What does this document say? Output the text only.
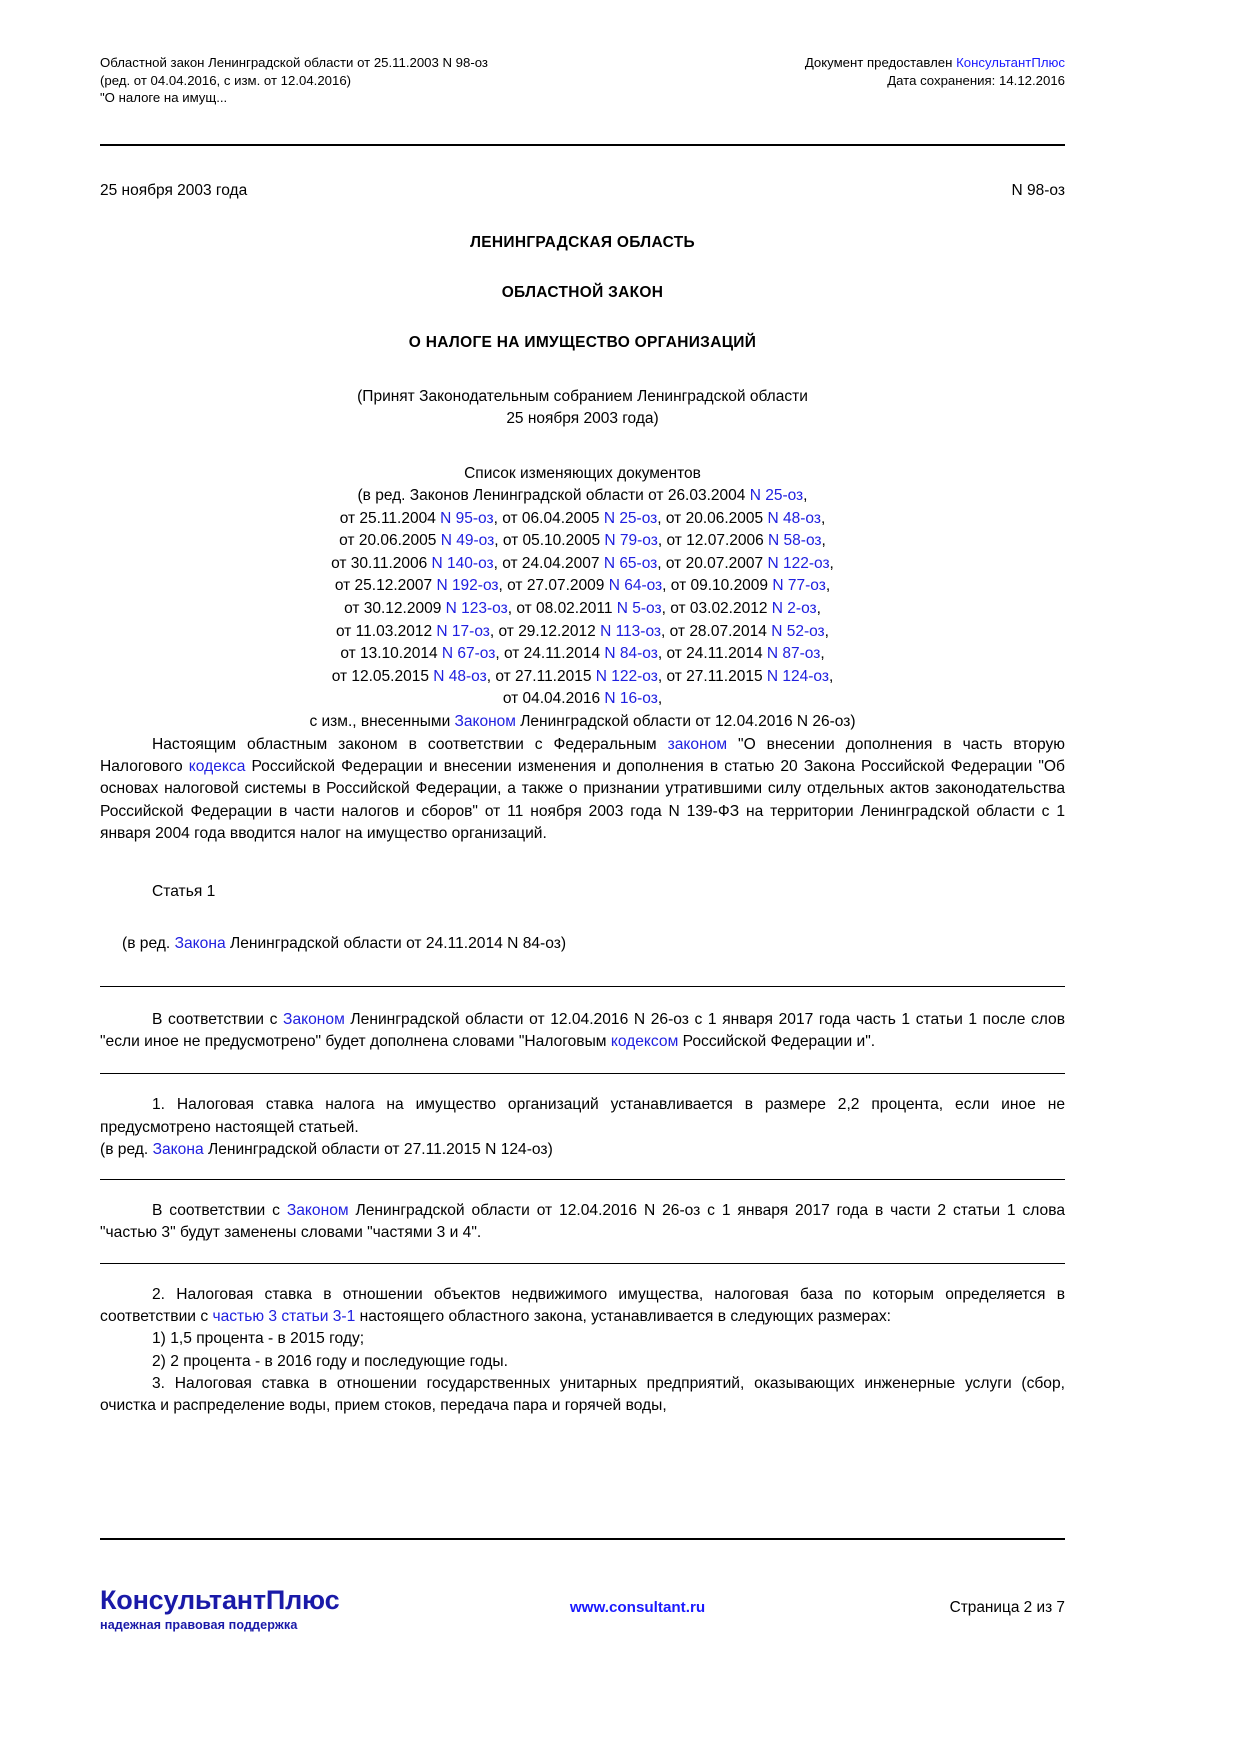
Областной закон Ленинградской области от 25.11.2003 N 98-оз
(ред. от 04.04.2016, с изм. от 12.04.2016)
"О налоге на имущ...
Документ предоставлен КонсультантПлюс
Дата сохранения: 14.12.2016
25 ноября 2003 года	N 98-оз
ЛЕНИНГРАДСКАЯ ОБЛАСТЬ
ОБЛАСТНОЙ ЗАКОН
О НАЛОГЕ НА ИМУЩЕСТВО ОРГАНИЗАЦИЙ
(Принят Законодательным собранием Ленинградской области
25 ноября 2003 года)
Список изменяющих документов
(в ред. Законов Ленинградской области от 26.03.2004 N 25-оз,
от 25.11.2004 N 95-оз, от 06.04.2005 N 25-оз, от 20.06.2005 N 48-оз,
от 20.06.2005 N 49-оз, от 05.10.2005 N 79-оз, от 12.07.2006 N 58-оз,
от 30.11.2006 N 140-оз, от 24.04.2007 N 65-оз, от 20.07.2007 N 122-оз,
от 25.12.2007 N 192-оз, от 27.07.2009 N 64-оз, от 09.10.2009 N 77-оз,
от 30.12.2009 N 123-оз, от 08.02.2011 N 5-оз, от 03.02.2012 N 2-оз,
от 11.03.2012 N 17-оз, от 29.12.2012 N 113-оз, от 28.07.2014 N 52-оз,
от 13.10.2014 N 67-оз, от 24.11.2014 N 84-оз, от 24.11.2014 N 87-оз,
от 12.05.2015 N 48-оз, от 27.11.2015 N 122-оз, от 27.11.2015 N 124-оз,
от 04.04.2016 N 16-оз,
с изм., внесенными Законом Ленинградской области от 12.04.2016 N 26-оз)

Настоящим областным законом в соответствии с Федеральным законом "О внесении дополнения в часть вторую Налогового кодекса Российской Федерации и внесении изменения и дополнения в статью 20 Закона Российской Федерации "Об основах налоговой системы в Российской Федерации, а также о признании утратившими силу отдельных актов законодательства Российской Федерации в части налогов и сборов" от 11 ноября 2003 года N 139-ФЗ на территории Ленинградской области с 1 января 2004 года вводится налог на имущество организаций.

Статья 1
(в ред. Закона Ленинградской области от 24.11.2014 N 84-оз)

В соответствии с Законом Ленинградской области от 12.04.2016 N 26-оз с 1 января 2017 года часть 1 статьи 1 после слов "если иное не предусмотрено" будет дополнена словами "Налоговым кодексом Российской Федерации и".

1. Налоговая ставка налога на имущество организаций устанавливается в размере 2,2 процента, если иное не предусмотрено настоящей статьей.

(в ред. Закона Ленинградской области от 27.11.2015 N 124-оз)

В соответствии с Законом Ленинградской области от 12.04.2016 N 26-оз с 1 января 2017 года в части 2 статьи 1 слова "частью 3" будут заменены словами "частями 3 и 4".

2. Налоговая ставка в отношении объектов недвижимого имущества, налоговая база по которым определяется в соответствии с частью 3 статьи 3-1 настоящего областного закона, устанавливается в следующих размерах:

1) 1,5 процента - в 2015 году;

2) 2 процента - в 2016 году и последующие годы.

3. Налоговая ставка в отношении государственных унитарных предприятий, оказывающих инженерные услуги (сбор, очистка и распределение воды, прием стоков, передача пара и горячей воды,

КонсультантПлюс
надежная правовая поддержка
www.consultant.ru	Страница 2 из 7
